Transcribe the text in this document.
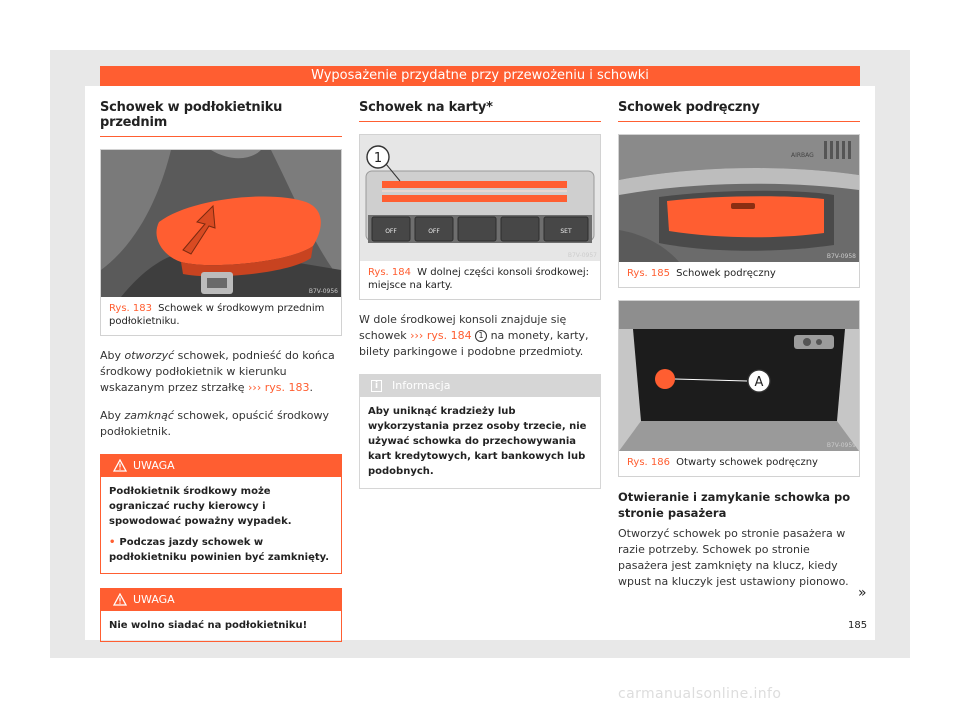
Wyposażenie przydatne przy przewożeniu i schowki
Schowek w podłokietniku przednim
B7V-0956
Rys. 183 Schowek w środkowym przednim podłokietniku.
Aby otworzyć schowek, podnieść do końca środkowy podłokietnik w kierunku wskazanym przez strzałkę ››› rys. 183.
Aby zamknąć schowek, opuścić środkowy podłokietnik.
UWAGA
Podłokietnik środkowy może ograniczać ruchy kierowcy i spowodować poważny wypadek.
• Podczas jazdy schowek w podłokietniku powinien być zamknięty.
UWAGA
Nie wolno siadać na podłokietniku!
Schowek na karty*
OFF	OFF	SET
1
B7V-0957
Rys. 184 W dolnej części konsoli środkowej: miejsce na karty.
W dole środkowej konsoli znajduje się schowek ››› rys. 184 1 na monety, karty, bilety parkingowe i podobne przedmioty.
i	Informacja
Aby uniknąć kradzieży lub wykorzystania przez osoby trzecie, nie używać schowka do przechowywania kart kredytowych, kart bankowych lub podobnych.
Schowek podręczny
AIRBAG
B7V-0958
Rys. 185 Schowek podręczny
A
B7V-0959
Rys. 186 Otwarty schowek podręczny
Otwieranie i zamykanie schowka po stronie pasażera
Otworzyć schowek po stronie pasażera w razie potrzeby. Schowek po stronie pasażera jest zamknięty na klucz, kiedy wpust na kluczyk jest ustawiony pionowo.
»
185
carmanualsonline.info
